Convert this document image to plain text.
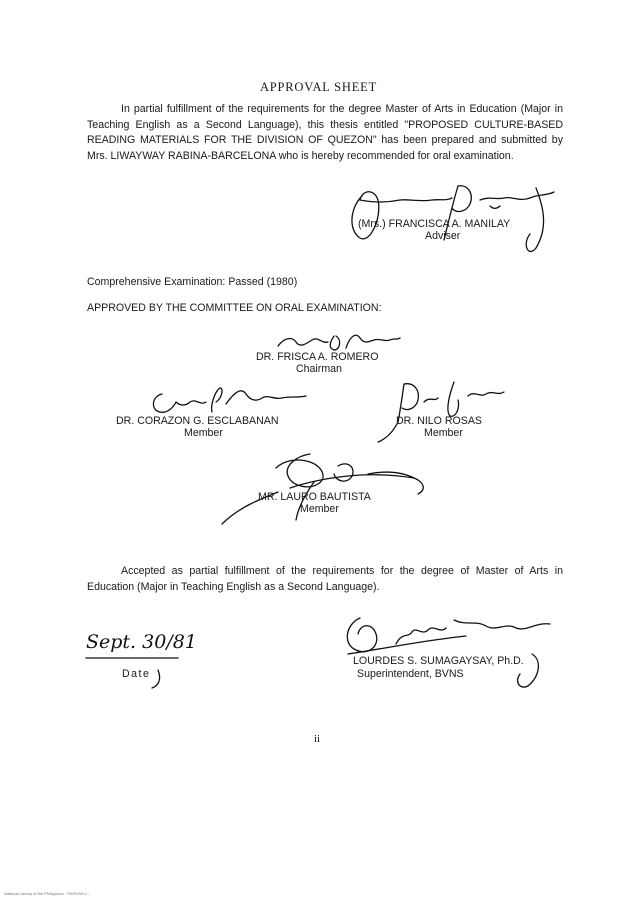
APPROVAL SHEET
In partial fulfillment of the requirements for the degree Master of Arts in Education (Major in Teaching English as a Second Language), this thesis entitled "PROPOSED CULTURE-BASED READING MATERIALS FOR THE DIVISION OF QUEZON" has been prepared and submitted by Mrs. LIWAYWAY RABINA-BARCELONA who is hereby recommended for oral examination.
(Mrs.) FRANCISCA A. MANILAY
Adviser
Comprehensive Examination: Passed (1980)
APPROVED BY THE COMMITTEE ON ORAL EXAMINATION:
DR. FRISCA A. ROMERO
Chairman
DR. CORAZON G. ESCLABANAN
Member
DR. NILO ROSAS
Member
MR. LAURO BAUTISTA
Member
Accepted as partial fulfillment of the requirements for the degree of Master of Arts in Education (Major in Teaching English as a Second Language).
Sept. 30/81
Date
LOURDES S. SUMAGAYSAY, Ph.D.
Superintendent, BVNS
ii
National Library of the Philippines - RAPHAEL/....
